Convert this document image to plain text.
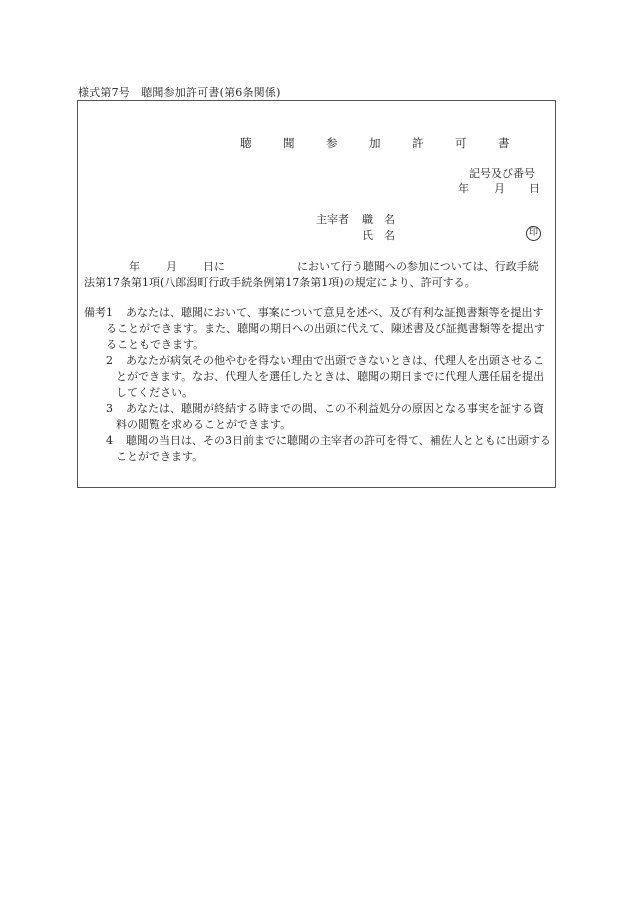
様式第7号　聴聞参加許可書(第6条関係)
聴　聞　参　加　許　可　書
記号及び番号
年 月 日
主宰者 職　名
氏　名	印
年 月 日に	において行う聴聞への参加については、行政手続
法第17条第1項(八郎潟町行政手続条例第17条第1項)の規定により、許可する。
備考 1	あなたは、聴聞において、事案について意見を述べ、及び有利な証拠書類等を提出することができます。また、聴聞の期日への出頭に代えて、陳述書及び証拠書類等を提出することもできます。
2	あなたが病気その他やむを得ない理由で出頭できないときは、代理人を出頭させることができます。なお、代理人を選任したときは、聴聞の期日までに代理人選任届を提出してください。
3	あなたは、聴聞が終結する時までの間、この不利益処分の原因となる事実を証する資料の閲覧を求めることができます。
4	聴聞の当日は、その3日前までに聴聞の主宰者の許可を得て、補佐人とともに出頭することができます。
